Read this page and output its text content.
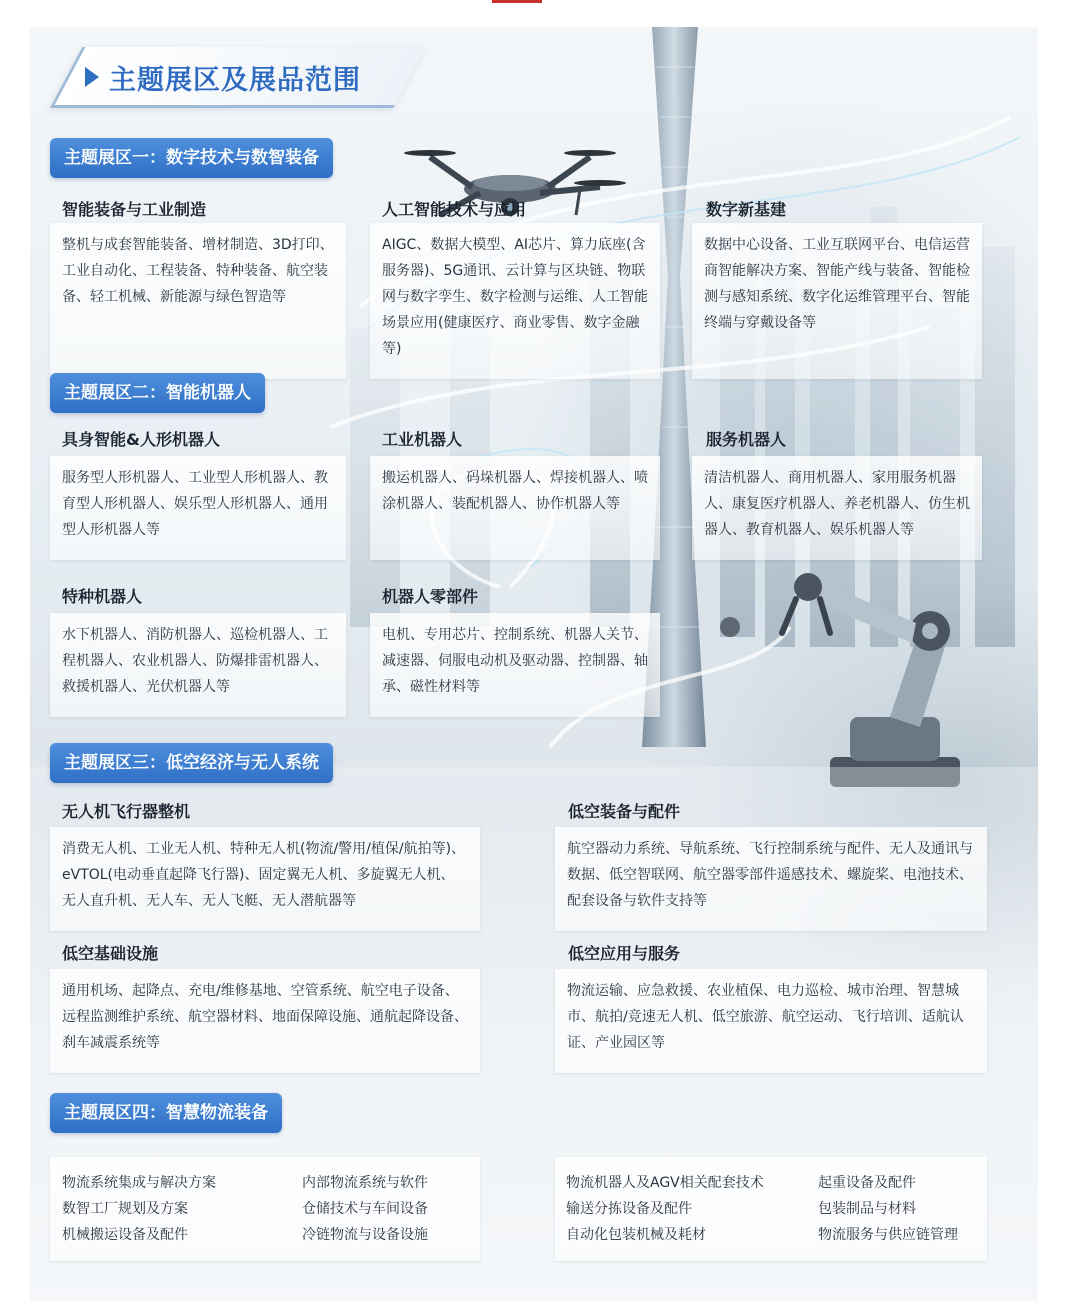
主题展区及展品范围
主题展区一：数字技术与数智装备
智能装备与工业制造
整机与成套智能装备、增材制造、3D打印、工业自动化、工程装备、特种装备、航空装备、轻工机械、新能源与绿色智造等
人工智能技术与应用
AIGC、数据大模型、AI芯片、算力底座(含服务器)、5G通讯、云计算与区块链、物联网与数字孪生、数字检测与运维、人工智能场景应用(健康医疗、商业零售、数字金融等)
数字新基建
数据中心设备、工业互联网平台、电信运营商智能解决方案、智能产线与装备、智能检测与感知系统、数字化运维管理平台、智能终端与穿戴设备等
主题展区二：智能机器人
具身智能&人形机器人
服务型人形机器人、工业型人形机器人、教育型人形机器人、娱乐型人形机器人、通用型人形机器人等
工业机器人
搬运机器人、码垛机器人、焊接机器人、喷涂机器人、装配机器人、协作机器人等
服务机器人
清洁机器人、商用机器人、家用服务机器人、康复医疗机器人、养老机器人、仿生机器人、教育机器人、娱乐机器人等
特种机器人
水下机器人、消防机器人、巡检机器人、工程机器人、农业机器人、防爆排雷机器人、救援机器人、光伏机器人等
机器人零部件
电机、专用芯片、控制系统、机器人关节、减速器、伺服电动机及驱动器、控制器、轴承、磁性材料等
主题展区三：低空经济与无人系统
无人机飞行器整机
消费无人机、工业无人机、特种无人机(物流/警用/植保/航拍等)、eVTOL(电动垂直起降飞行器)、固定翼无人机、多旋翼无人机、无人直升机、无人车、无人飞艇、无人潜航器等
低空装备与配件
航空器动力系统、导航系统、飞行控制系统与配件、无人及通讯与数据、低空智联网、航空器零部件遥感技术、螺旋桨、电池技术、配套设备与软件支持等
低空基础设施
通用机场、起降点、充电/维修基地、空管系统、航空电子设备、远程监测维护系统、航空器材料、地面保障设施、通航起降设备、刹车减震系统等
低空应用与服务
物流运输、应急救援、农业植保、电力巡检、城市治理、智慧城市、航拍/竞速无人机、低空旅游、航空运动、飞行培训、适航认证、产业园区等
主题展区四：智慧物流装备
物流系统集成与解决方案
数智工厂规划及方案
机械搬运设备及配件
内部物流系统与软件
仓储技术与车间设备
冷链物流与设备设施
物流机器人及AGV相关配套技术
输送分拣设备及配件
自动化包装机械及耗材
起重设备及配件
包装制品与材料
物流服务与供应链管理
